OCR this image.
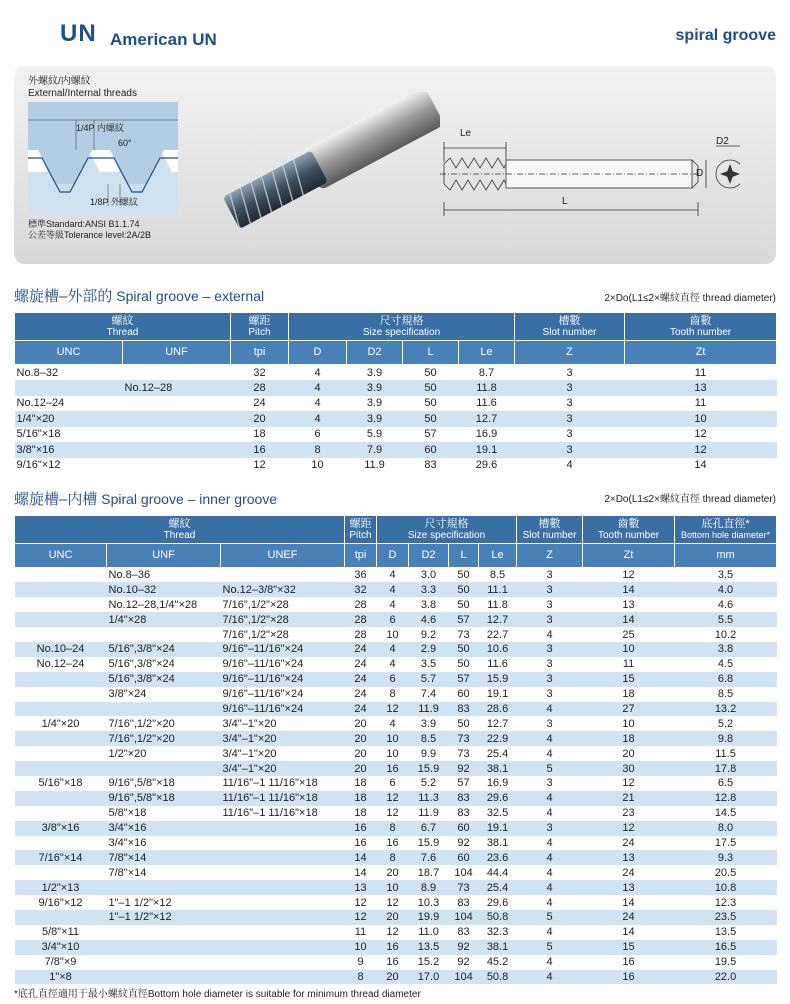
UN American UN	spiral groove
外螺紋/内螺紋
External/Internal threads
1/4P 内螺紋
60°
1/8P 外螺紋
標準Standard:ANSI B1.1.74
公差等級Tolerance level:2A/2B
Le
D2
D
L
螺旋槽–外部的 Spiral groove – external	2×Do(L1≤2×螺紋直徑 thread diameter)
螺紋
Thread		螺距
Pitch	尺寸規格
Size specification				槽數
Slot number	齒數
Tooth number

UNC	UNF	tpi	D	D2	L	Le	Z	Zt
No.8–32		32	4	3.9	50	8.7	3	11
	No.12–28	28	4	3.9	50	11.8	3	13
No.12–24		24	4	3.9	50	11.6	3	11
1/4"×20		20	4	3.9	50	12.7	3	10
5/16"×18		18	6	5.9	57	16.9	3	12
3/8"×16		16	8	7.9	60	19.1	3	12
9/16"×12		12	10	11.9	83	29.6	4	14
螺旋槽–内槽 Spiral groove – inner groove	2×Do(L1≤2×螺紋直徑 thread diameter)
螺紋
Thread			螺距
Pitch	尺寸規格
Size specification				槽數
Slot number	齒數
Tooth number	底孔直徑*
Bottom hole diameter*

UNC	UNF	UNEF	tpi	D	D2	L	Le	Z	Zt	mm
	No.8–36		36	4	3.0	50	8.5	3	12	3.5
	No.10–32	No.12–3/8"×32	32	4	3.3	50	11.1	3	14	4.0
	No.12–28,1/4"×28	7/16",1/2"×28	28	4	3.8	50	11.8	3	13	4.6
	1/4"×28	7/16",1/2"×28	28	6	4.6	57	12.7	3	14	5.5
		7/16",1/2"×28	28	10	9.2	73	22.7	4	25	10.2
No.10–24	5/16",3/8"×24	9/16"–11/16"×24	24	4	2.9	50	10.6	3	10	3.8
No.12–24	5/16",3/8"×24	9/16"–11/16"×24	24	4	3.5	50	11.6	3	11	4.5
	5/16",3/8"×24	9/16"–11/16"×24	24	6	5.7	57	15.9	3	15	6.8
	3/8"×24	9/16"–11/16"×24	24	8	7.4	60	19.1	3	18	8.5
		9/16"–11/16"×24	24	12	11.9	83	28.6	4	27	13.2
1/4"×20	7/16",1/2"×20	3/4"–1"×20	20	4	3.9	50	12.7	3	10	5.2
	7/16",1/2"×20	3/4"–1"×20	20	10	8.5	73	22.9	4	18	9.8
	1/2"×20	3/4"–1"×20	20	10	9.9	73	25.4	4	20	11.5
		3/4"–1"×20	20	16	15.9	92	38.1	5	30	17.8
5/16"×18	9/16",5/8"×18	11/16"–1 11/16"×18	18	6	5.2	57	16.9	3	12	6.5
	9/16",5/8"×18	11/16"–1 11/16"×18	18	12	11.3	83	29.6	4	21	12.8
	5/8"×18	11/16"–1 11/16"×18	18	12	11.9	83	32.5	4	23	14.5
3/8"×16	3/4"×16		16	8	6.7	60	19.1	3	12	8.0
	3/4"×16		16	16	15.9	92	38.1	4	24	17.5
7/16"×14	7/8"×14		14	8	7.6	60	23.6	4	13	9.3
	7/8"×14		14	20	18.7	104	44.4	4	24	20.5
1/2"×13			13	10	8.9	73	25.4	4	13	10.8
9/16"×12	1"–1 1/2"×12		12	12	10.3	83	29.6	4	14	12.3
	1"–1 1/2"×12		12	20	19.9	104	50.8	5	24	23.5
5/8"×11			11	12	11.0	83	32.3	4	14	13.5
3/4"×10			10	16	13.5	92	38.1	5	15	16.5
7/8"×9			9	16	15.2	92	45.2	4	16	19.5
1"×8			8	20	17.0	104	50.8	4	16	22.0
*底孔直徑適用于最小螺紋直徑Bottom hole diameter is suitable for minimum thread diameter
